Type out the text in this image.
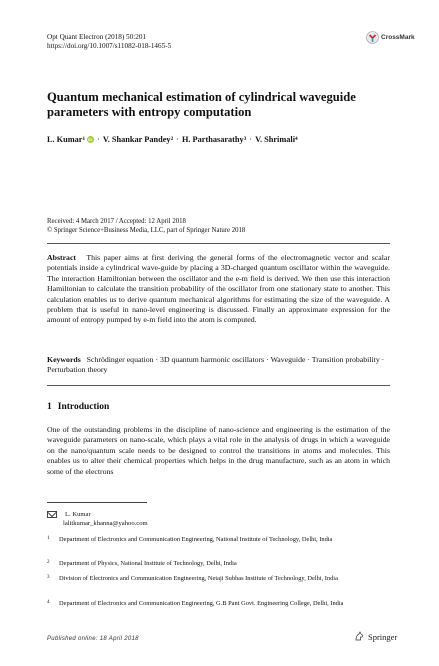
Opt Quant Electron (2018) 50:201
https://doi.org/10.1007/s11082-018-1465-5
CrossMark
Quantum mechanical estimation of cylindrical waveguide parameters with entropy computation
L. Kumar$^1$
iD · V. Shankar Pandey$^2$ · H. Parthasarathy$^3$ · V. Shrimali$^4$
Received: 4 March 2017 / Accepted: 12 April 2018
© Springer Science+Business Media, LLC, part of Springer Nature 2018
Abstract This paper aims at first deriving the general forms of the electromagnetic vector and scalar potentials inside a cylindrical wave-guide by placing a 3D-charged quantum oscillator within the waveguide. The interaction Hamiltonian between the oscillator and the e-m field is derived. We then use this interaction Hamiltonian to calculate the transition probability of the oscillator from one stationary state to another. This calculation enables us to derive quantum mechanical algorithms for estimating the size of the waveguide. A problem that is useful in nano-level engineering is discussed. Finally an approximate expression for the amount of entropy pumped by e-m field into the atom is computed.
Keywords Schrödinger equation · 3D quantum harmonic oscillators · Waveguide · Transition probability · Perturbation theory
1 Introduction
One of the outstanding problems in the discipline of nano-science and engineering is the estimation of the waveguide parameters on nano-scale, which plays a vital role in the analysis of drugs in which a waveguide on the nano/quantum scale needs to be designed to control the transitions in atoms and molecules. This enables us to alter their chemical properties which helps in the drug manufacture, such as an atom in which some of the electrons
L. Kumar
lalitkumar_khanna@yahoo.com
1	Department of Electronics and Communication Engineering, National Institute of Technology, Delhi, India
2	Department of Physics, National Institute of Technology, Delhi, India
3	Division of Electronics and Communication Engineering, Netaji Subhas Institute of Technology, Delhi, India
4	Department of Electronics and Communication Engineering, G.B Pant Govt. Engineering College, Delhi, India
Published online: 18 April 2018	Springer
